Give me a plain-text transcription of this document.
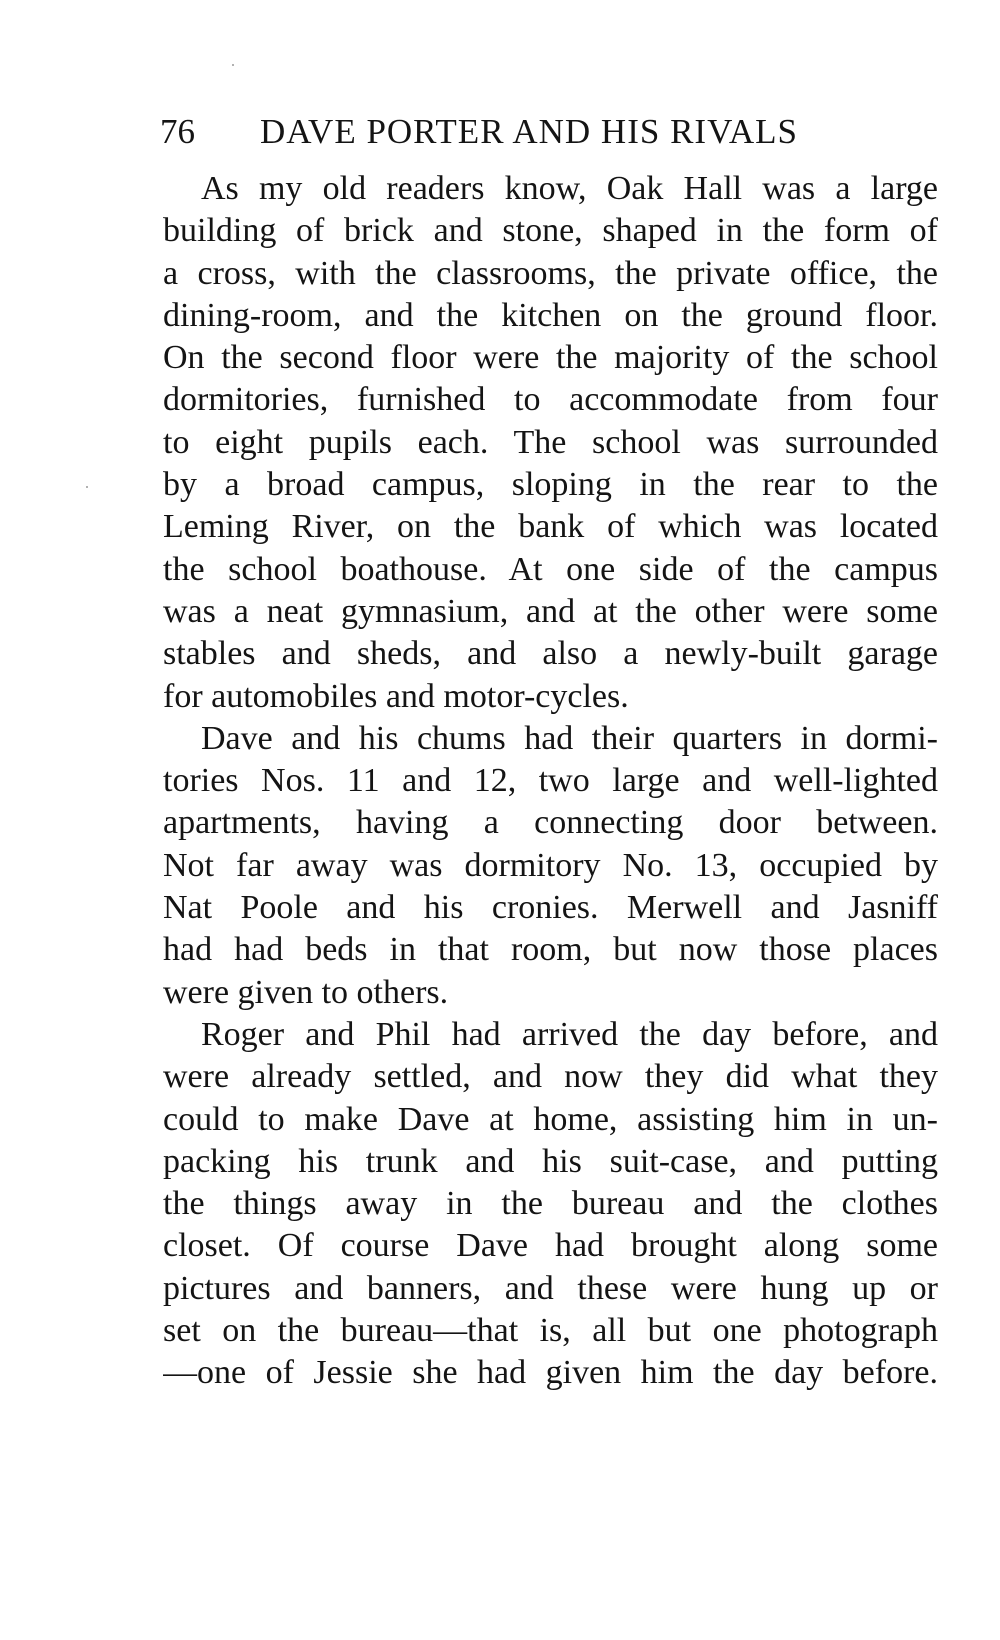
76 DAVE PORTER AND HIS RIVALS
As my old readers know, Oak Hall was a large
building of brick and stone, shaped in the form of
a cross, with the classrooms, the private office, the
dining-room, and the kitchen on the ground floor.
On the second floor were the majority of the school
dormitories, furnished to accommodate from four
to eight pupils each. The school was surrounded
by a broad campus, sloping in the rear to the
Leming River, on the bank of which was located
the school boathouse. At one side of the campus
was a neat gymnasium, and at the other were some
stables and sheds, and also a newly-built garage
for automobiles and motor-cycles.
Dave and his chums had their quarters in dormi-
tories Nos. 11 and 12, two large and well-lighted
apartments, having a connecting door between.
Not far away was dormitory No. 13, occupied by
Nat Poole and his cronies. Merwell and Jasniff
had had beds in that room, but now those places
were given to others.
Roger and Phil had arrived the day before, and
were already settled, and now they did what they
could to make Dave at home, assisting him in un-
packing his trunk and his suit-case, and putting
the things away in the bureau and the clothes
closet. Of course Dave had brought along some
pictures and banners, and these were hung up or
set on the bureau—that is, all but one photograph
—one of Jessie she had given him the day before.
